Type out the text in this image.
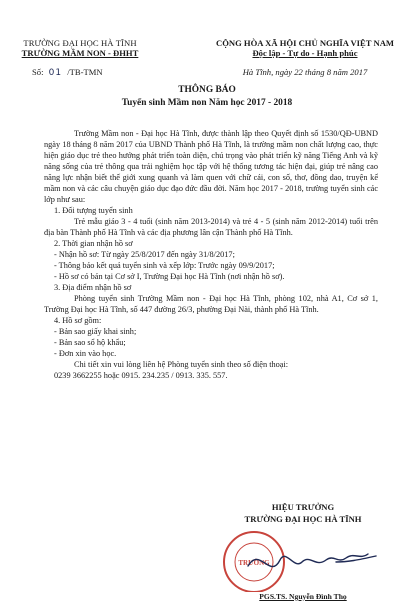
TRƯỜNG ĐẠI HỌC HÀ TĨNH
TRƯỜNG MẦM NON - ĐHHT
Số: 01 /TB-TMN
CỘNG HÒA XÃ HỘI CHỦ NGHĨA VIỆT NAM
Độc lập - Tự do - Hạnh phúc
Hà Tĩnh, ngày 22 tháng 8 năm 2017
THÔNG BÁO
Tuyển sinh Mầm non Năm học 2017 - 2018

Trường Mầm non - Đại học Hà Tĩnh, được thành lập theo Quyết định số 1530/QĐ-UBND ngày 18 tháng 8 năm 2017 của UBND Thành phố Hà Tĩnh, là trường mầm non chất lượng cao, thực hiện giáo dục trẻ theo hướng phát triển toàn diện, chú trọng vào phát triển kỹ năng Tiếng Anh và kỹ năng sống của trẻ thông qua trải nghiệm học tập với hệ thống tương tác hiện đại, giúp trẻ nâng cao năng lực nhận biết thế giới xung quanh và làm quen với chữ cái, con số, thơ, đồng dao, truyện kể mầm non và các câu chuyện giáo dục đạo đức đầu đời. Năm học 2017 - 2018, trường tuyển sinh các lớp như sau:

1. Đối tượng tuyển sinh

Trẻ mẫu giáo 3 - 4 tuổi (sinh năm 2013-2014) và trẻ 4 - 5 (sinh năm 2012-2014) tuổi trên địa bàn Thành phố Hà Tĩnh và các địa phương lân cận Thành phố Hà Tĩnh.

2. Thời gian nhận hồ sơ

- Nhận hồ sơ: Từ ngày 25/8/2017 đến ngày 31/8/2017;

- Thông báo kết quả tuyển sinh và xếp lớp: Trước ngày 09/9/2017;

- Hồ sơ có bán tại Cơ sở I, Trường Đại học Hà Tĩnh (nơi nhận hồ sơ).

3. Địa điểm nhận hồ sơ

Phòng tuyển sinh Trường Mầm non - Đại học Hà Tĩnh, phòng 102, nhà A1, Cơ sở 1, Trường Đại học Hà Tĩnh, số 447 đường 26/3, phường Đại Nài, thành phố Hà Tĩnh.

4. Hồ sơ gồm:

- Bản sao giấy khai sinh;

- Bản sao sổ hộ khẩu;

- Đơn xin vào học.

Chi tiết xin vui lòng liên hệ Phòng tuyển sinh theo số điện thoại:

0239 3662255 hoặc 0915. 234.235 / 0913. 335. 557.

HIỆU TRƯỞNG
TRƯỜNG ĐẠI HỌC HÀ TĨNH
TRƯỜNG
PGS.TS. Nguyễn Đình Thọ
